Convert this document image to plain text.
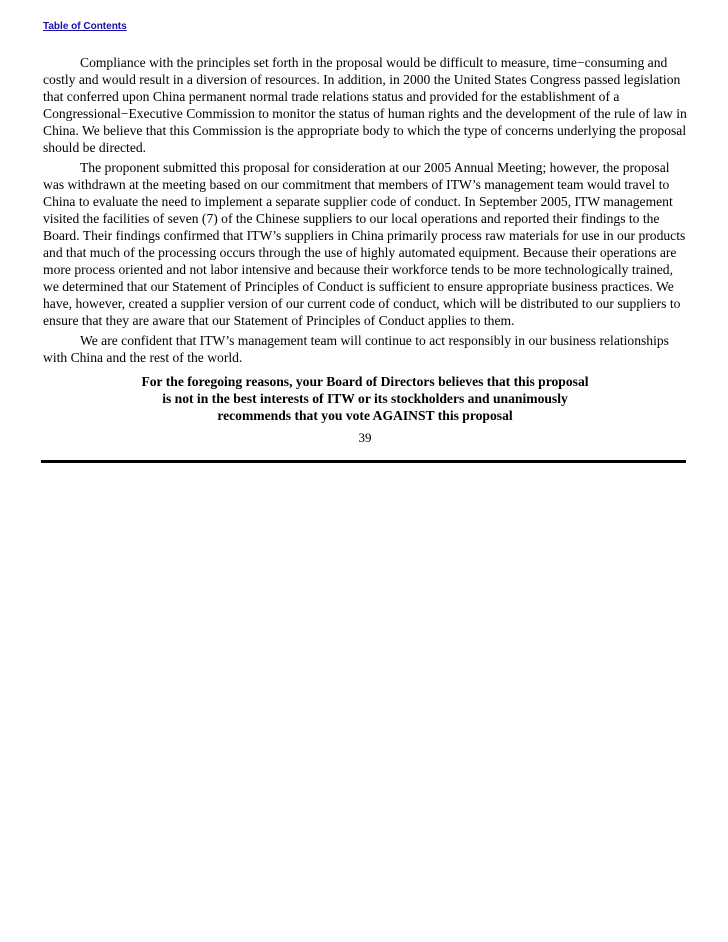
Table of Contents

Compliance with the principles set forth in the proposal would be difficult to measure, time−consuming and costly and would result in a diversion of resources. In addition, in 2000 the United States Congress passed legislation that conferred upon China permanent normal trade relations status and provided for the establishment of a Congressional−Executive Commission to monitor the status of human rights and the development of the rule of law in China. We believe that this Commission is the appropriate body to which the type of concerns underlying the proposal should be directed.

The proponent submitted this proposal for consideration at our 2005 Annual Meeting; however, the proposal was withdrawn at the meeting based on our commitment that members of ITW’s management team would travel to China to evaluate the need to implement a separate supplier code of conduct. In September 2005, ITW management visited the facilities of seven (7) of the Chinese suppliers to our local operations and reported their findings to the Board. Their findings confirmed that ITW’s suppliers in China primarily process raw materials for use in our products and that much of the processing occurs through the use of highly automated equipment. Because their operations are more process oriented and not labor intensive and because their workforce tends to be more technologically trained, we determined that our Statement of Principles of Conduct is sufficient to ensure appropriate business practices. We have, however, created a supplier version of our current code of conduct, which will be distributed to our suppliers to ensure that they are aware that our Statement of Principles of Conduct applies to them.

We are confident that ITW’s management team will continue to act responsibly in our business relationships with China and the rest of the world.

For the foregoing reasons, your Board of Directors believes that this proposal
is not in the best interests of ITW or its stockholders and unanimously
recommends that you vote AGAINST this proposal
39
